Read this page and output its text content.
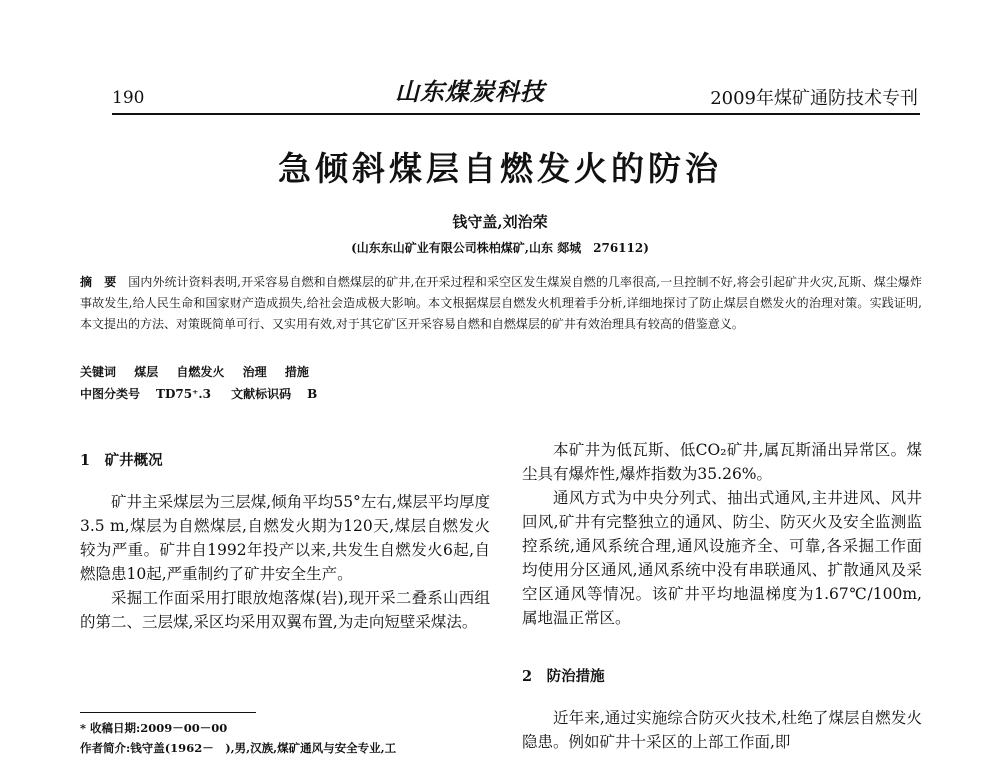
190	山东煤炭科技	2009年煤矿通防技术专刊
急倾斜煤层自燃发火的防治
钱守盖,刘治荣
(山东东山矿业有限公司株柏煤矿,山东 郯城　276112)
摘　要 国内外统计资料表明,开采容易自燃和自燃煤层的矿井,在开采过程和采空区发生煤炭自燃的几率很高,一旦控制不好,将会引起矿井火灾,瓦斯、煤尘爆炸事故发生,给人民生命和国家财产造成损失,给社会造成极大影响。本文根据煤层自燃发火机理着手分析,详细地探讨了防止煤层自燃发火的治理对策。实践证明,本文提出的方法、对策既简单可行、又实用有效,对于其它矿区开采容易自燃和自燃煤层的矿井有效治理具有较高的借鉴意义。
关键词 煤层 自燃发火 治理 措施
中图分类号 TD75⁺.3 文献标识码 B
1　矿井概况

矿井主采煤层为三层煤,倾角平均55°左右,煤层平均厚度3.5 m,煤层为自燃煤层,自燃发火期为120天,煤层自燃发火较为严重。矿井自1992年投产以来,共发生自燃发火6起,自燃隐患10起,严重制约了矿井安全生产。

采掘工作面采用打眼放炮落煤(岩),现开采二叠系山西组的第二、三层煤,采区均采用双翼布置,为走向短壁采煤法。

本矿井为低瓦斯、低CO₂矿井,属瓦斯涌出异常区。煤尘具有爆炸性,爆炸指数为35.26%。

通风方式为中央分列式、抽出式通风,主井进风、风井回风,矿井有完整独立的通风、防尘、防灭火及安全监测监控系统,通风系统合理,通风设施齐全、可靠,各采掘工作面均使用分区通风,通风系统中没有串联通风、扩散通风及采空区通风等情况。该矿井平均地温梯度为1.67℃/100m,属地温正常区。

2　防治措施

近年来,通过实施综合防灭火技术,杜绝了煤层自燃发火隐患。例如矿井十采区的上部工作面,即

* 收稿日期:2009－00－00
作者简介:钱守盖(1962－　),男,汉族,煤矿通风与安全专业,工
